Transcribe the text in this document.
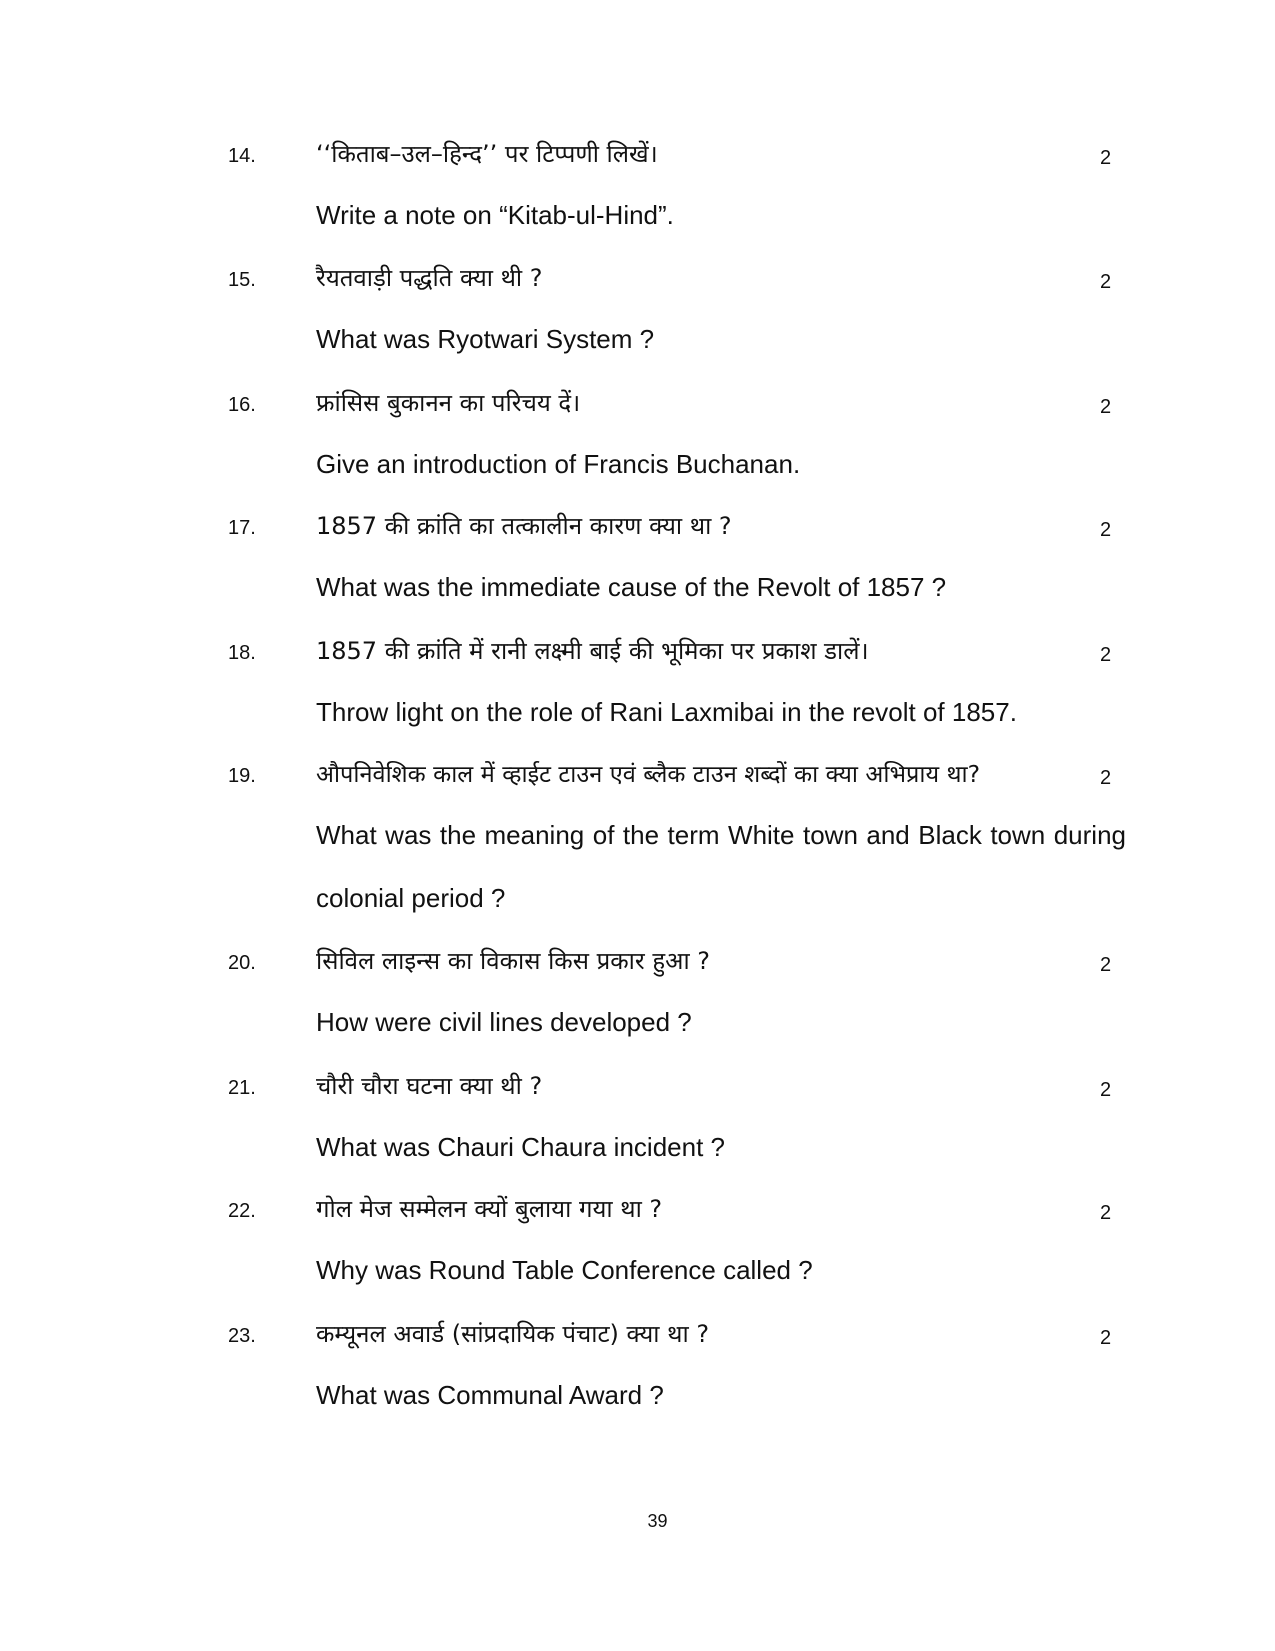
14.	‘‘किताब–उल–हिन्द’’ पर टिप्पणी लिखें।	2
Write a note on “Kitab-ul-Hind”.
15.	रैयतवाड़ी पद्धति क्या थी ?	2
What was Ryotwari System ?
16.	फ्रांसिस बुकानन का परिचय दें।	2
Give an introduction of Francis Buchanan.
17.	1857 की क्रांति का तत्कालीन कारण क्या था ?	2
What was the immediate cause of the Revolt of 1857 ?
18.	1857 की क्रांति में रानी लक्ष्मी बाई की भूमिका पर प्रकाश डालें।	2
Throw light on the role of Rani Laxmibai in the revolt of 1857.
19.	औपनिवेशिक काल में व्हाईट टाउन एवं ब्लैक टाउन शब्दों का क्या अभिप्राय था?	2
What was the meaning of the term White town and Black town during colonial period ?
20.	सिविल लाइन्स का विकास किस प्रकार हुआ ?	2
How were civil lines developed ?
21.	चौरी चौरा घटना क्या थी ?	2
What was Chauri Chaura incident ?
22.	गोल मेज सम्मेलन क्यों बुलाया गया था ?	2
Why was Round Table Conference called ?
23.	कम्यूनल अवार्ड (सांप्रदायिक पंचाट) क्या था ?	2
What was Communal Award ?
39
